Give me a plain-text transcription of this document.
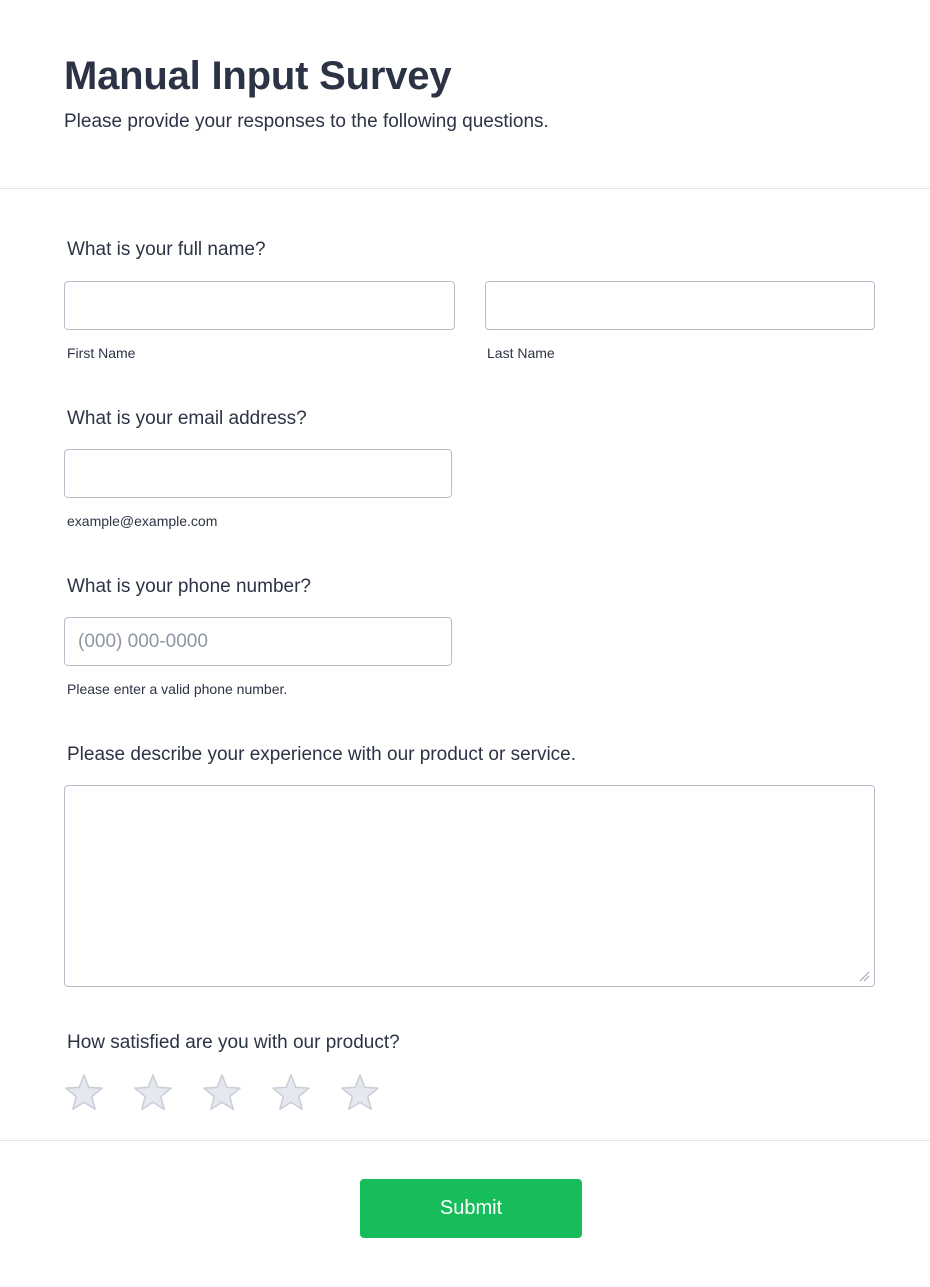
Manual Input Survey
Please provide your responses to the following questions.
What is your full name?
First Name	Last Name
What is your email address?
example@example.com
What is your phone number?
(000) 000-0000
Please enter a valid phone number.
Please describe your experience with our product or service.
How satisfied are you with our product?
Submit
